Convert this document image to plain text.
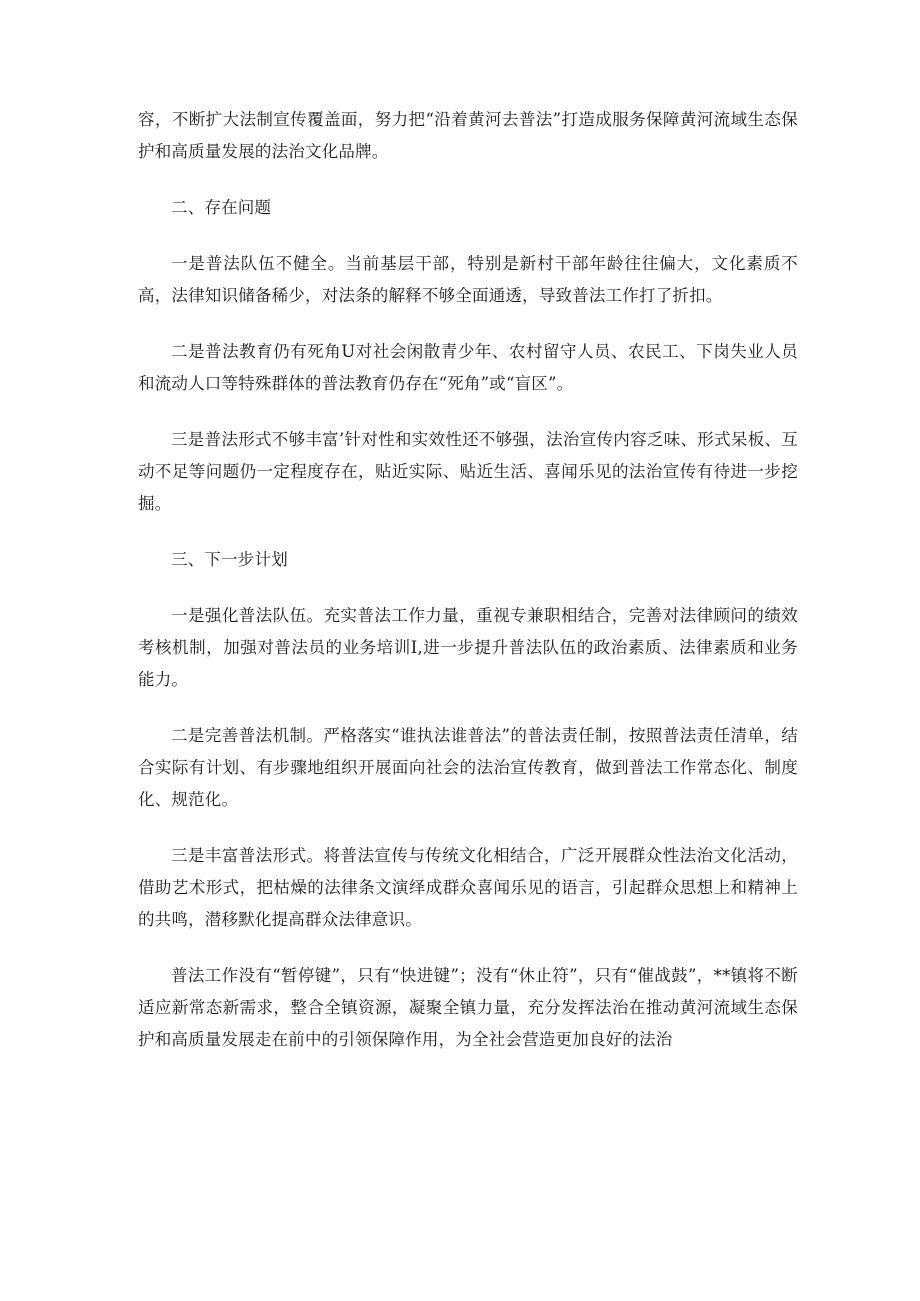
容，不断扩大法制宣传覆盖面，努力把“沿着黄河去普法”打造成服务保障黄河流域生态保护和高质量发展的法治文化品牌。

二、存在问题

一是普法队伍不健全。当前基层干部，特别是新村干部年龄往往偏大，文化素质不高，法律知识储备稀少，对法条的解释不够全面通透，导致普法工作打了折扣。

二是普法教育仍有死角U对社会闲散青少年、农村留守人员、农民工、下岗失业人员和流动人口等特殊群体的普法教育仍存在“死角”或“盲区”。

三是普法形式不够丰富’针对性和实效性还不够强，法治宣传内容乏味、形式呆板、互动不足等问题仍一定程度存在，贴近实际、贴近生活、喜闻乐见的法治宣传有待进一步挖掘。

三、下一步计划

一是强化普法队伍。充实普法工作力量，重视专兼职相结合，完善对法律顾问的绩效考核机制，加强对普法员的业务培训I,进一步提升普法队伍的政治素质、法律素质和业务能力。

二是完善普法机制。严格落实“谁执法谁普法”的普法责任制，按照普法责任清单，结合实际有计划、有步骤地组织开展面向社会的法治宣传教育，做到普法工作常态化、制度化、规范化。

三是丰富普法形式。将普法宣传与传统文化相结合，广泛开展群众性法治文化活动，借助艺术形式，把枯燥的法律条文演绎成群众喜闻乐见的语言，引起群众思想上和精神上的共鸣，潜移默化提高群众法律意识。

普法工作没有“暂停键”，只有“快进键”；没有“休止符”，只有“催战鼓”，**镇将不断适应新常态新需求，整合全镇资源，凝聚全镇力量，充分发挥法治在推动黄河流域生态保护和高质量发展走在前中的引领保障作用，为全社会营造更加良好的法治
